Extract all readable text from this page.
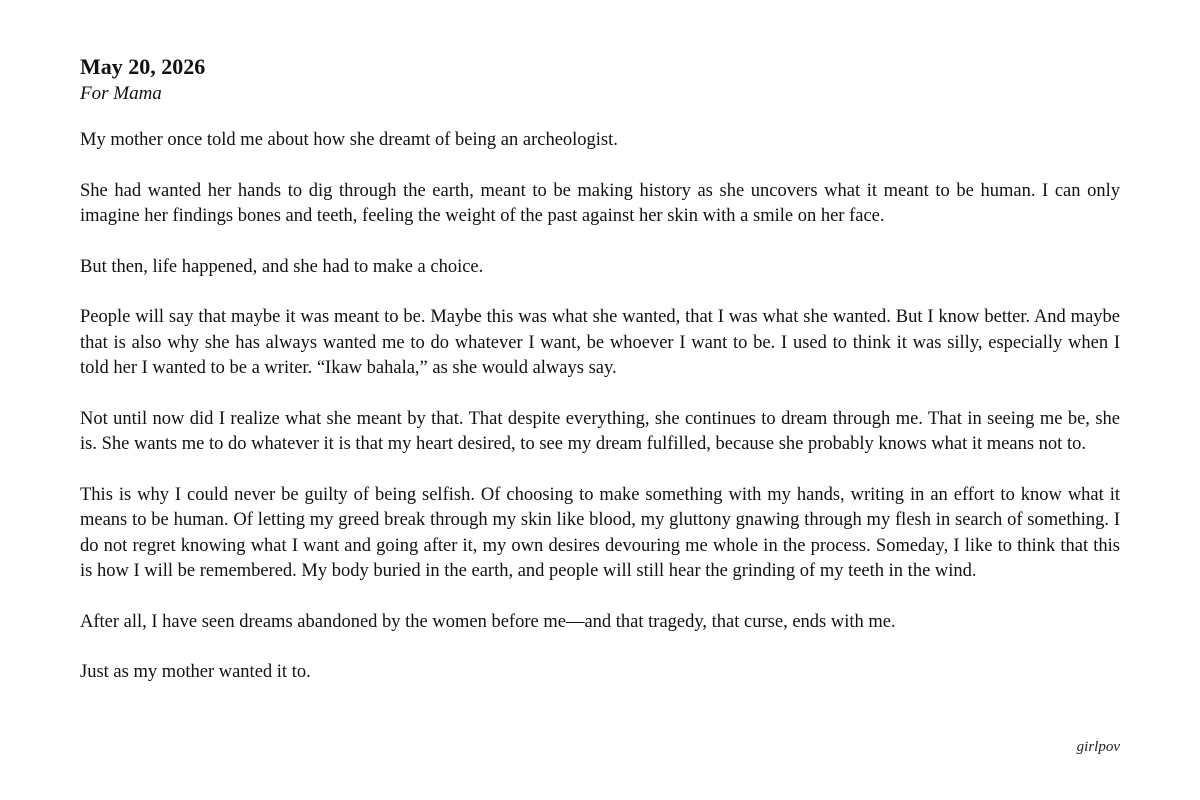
May 20, 2026

For Mama

My mother once told me about how she dreamt of being an archeologist.

She had wanted her hands to dig through the earth, meant to be making history as she uncovers what it meant to be human. I can only imagine her findings bones and teeth, feeling the weight of the past against her skin with a smile on her face.

But then, life happened, and she had to make a choice.

People will say that maybe it was meant to be. Maybe this was what she wanted, that I was what she wanted. But I know better. And maybe that is also why she has always wanted me to do whatever I want, be whoever I want to be. I used to think it was silly, especially when I told her I wanted to be a writer. “Ikaw bahala,” as she would always say.

Not until now did I realize what she meant by that. That despite everything, she continues to dream through me. That in seeing me be, she is. She wants me to do whatever it is that my heart desired, to see my dream fulfilled, because she probably knows what it means not to.

This is why I could never be guilty of being selfish. Of choosing to make something with my hands, writing in an effort to know what it means to be human. Of letting my greed break through my skin like blood, my gluttony gnawing through my flesh in search of something. I do not regret knowing what I want and going after it, my own desires devouring me whole in the process. Someday, I like to think that this is how I will be remembered. My body buried in the earth, and people will still hear the grinding of my teeth in the wind.

After all, I have seen dreams abandoned by the women before me—and that tragedy, that curse, ends with me.

Just as my mother wanted it to.

girlpov
